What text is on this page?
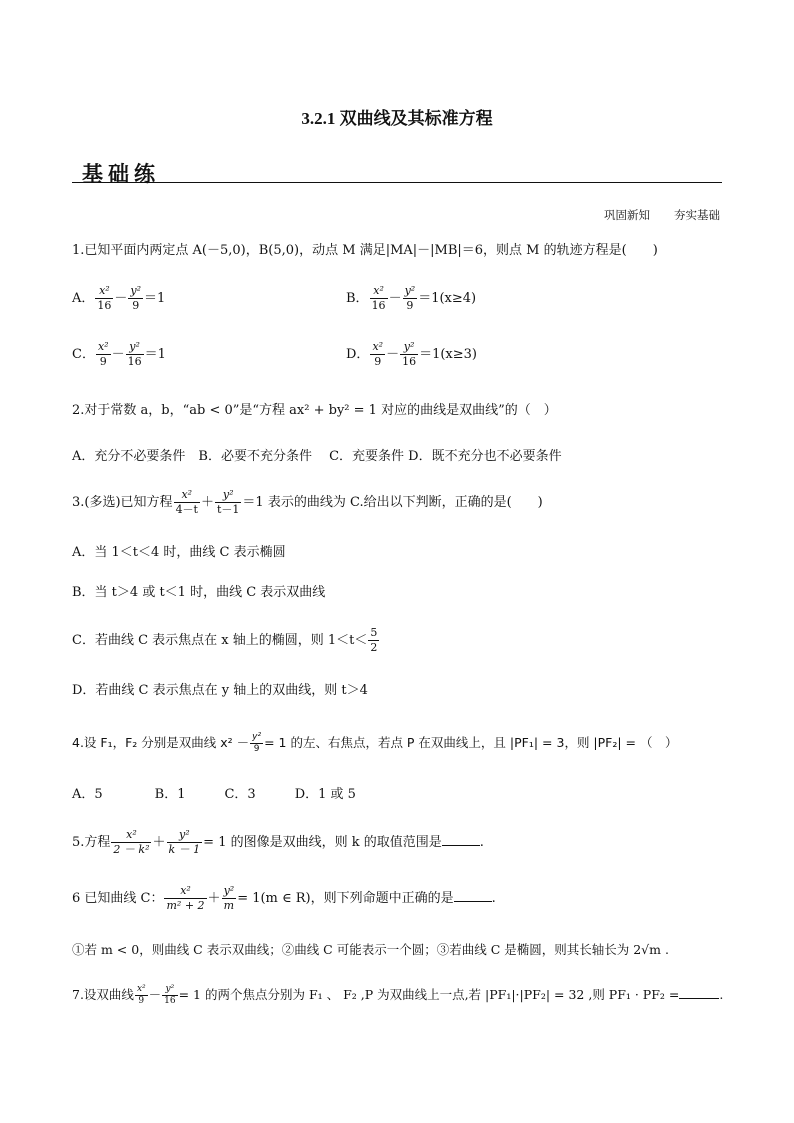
3.2.1 双曲线及其标准方程
基础练
巩固新知 夯实基础
1.已知平面内两定点 A(－5,0)，B(5,0)，动点 M 满足|MA|－|MB|＝6，则点 M 的轨迹方程是(　　)
A． $\frac{\text{x²}}{16} - \frac{\text{y²}}{9} =1$	B． $\frac{\text{x²}}{16} - \frac{\text{y²}}{9} =1(x\ge 4)$
C． $\frac{\text{x²}}{9} - \frac{\text{y²}}{16} =1$	D． $\frac{\text{x²}}{9} - \frac{\text{y²}}{16} =1(x\ge 3)$
2.对于常数 a，b，“ab < 0”是“方程 ax² + by² = 1 对应的曲线是双曲线”的（　）
A．充分不必要条件　B．必要不充分条件　 C．充要条件 D．既不充分也不必要条件
3.(多选)已知方程 $\frac{\text{x²}}{4-t} + \frac{\text{y²}}{t-1} =1$ 表示的曲线为 C.给出以下判断，正确的是(　　)
A．当 1＜t＜4 时，曲线 C 表示椭圆
B．当 t＞4 或 t＜1 时，曲线 C 表示双曲线
C．若曲线 C 表示焦点在 x 轴上的椭圆，则 $1<t< \frac{5}{2}$
D．若曲线 C 表示焦点在 y 轴上的双曲线，则 t＞4
4.设 F₁，F₂ 分别是双曲线 $x^2 - \frac{\text{y²}}{9} = 1$ 的左、右焦点，若点 P 在双曲线上，且 |PF₁| = 3，则 |PF₂| = （　）
A．5　　　　B．1　　　C．3　　　D．1 或 5
5.方程 $\frac{\text{x²}}{\text{2 － k²}} + \frac{\text{y²}}{k - 1} = 1$ 的图像是双曲线，则 k 的取值范围是	.
6 已知曲线 C： $\frac{\text{x²}}{\text{m² + 2}} + \frac{\text{y²}}{m} = 1(m$ ∈ R)，则下列命题中正确的是	.
①若 m < 0，则曲线 C 表示双曲线；②曲线 C 可能表示一个圆；③若曲线 C 是椭圆，则其长轴长为 2√m .
7.设双曲线 $\frac{\text{x²}}{9} - \frac{\text{y²}}{16} = 1$ 的两个焦点分别为 F₁ 、 F₂ ,P 为双曲线上一点,若 |PF₁|·|PF₂| = 32 ,则 PF₁ · PF₂ =	.
